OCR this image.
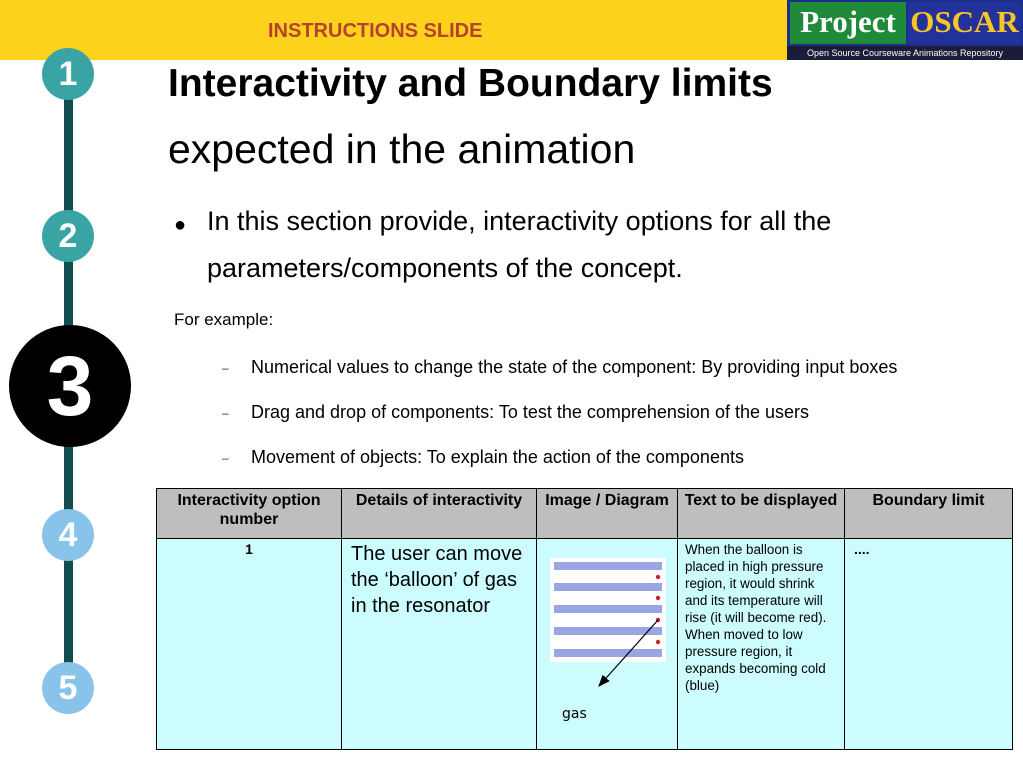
INSTRUCTIONS SLIDE	Project OSCAR
Open Source Courseware Animations Repository
1
2
3
4
5
Interactivity and Boundary limits
expected in the animation
● In this section provide, interactivity options for all the parameters/components of the concept.
For example:
– Numerical values to change the state of the component: By providing input boxes
– Drag and drop of components: To test the comprehension of the users
– Movement of objects: To explain the action of the components
Interactivity option number	Details of interactivity	Image / Diagram	Text to be displayed	Boundary limit
1	The user can move the ‘balloon’ of gas in the resonator		When the balloon is placed in high pressure region, it would shrink and its temperature will rise (it will become red). When moved to low pressure region, it expands becoming cold (blue)	....
gas
